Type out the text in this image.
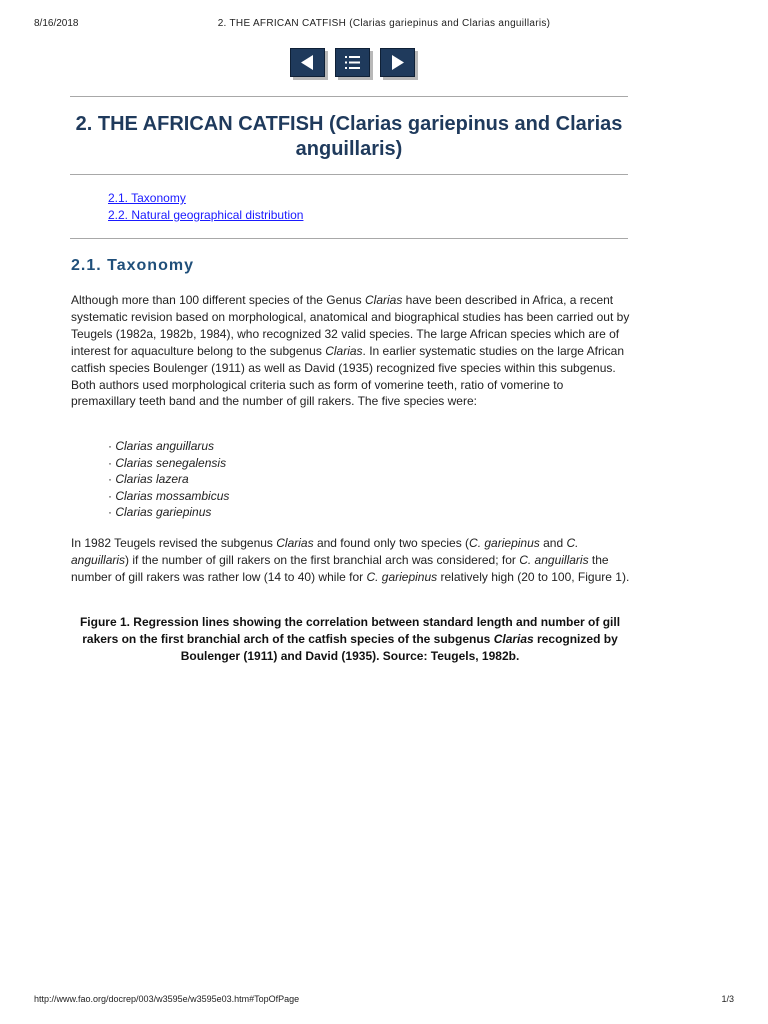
8/16/2018	2. THE AFRICAN CATFISH (Clarias gariepinus and Clarias anguillaris)
2. THE AFRICAN CATFISH (Clarias gariepinus and Clarias anguillaris)
2.1. Taxonomy
2.2. Natural geographical distribution
2.1. Taxonomy

Although more than 100 different species of the Genus Clarias have been described in Africa, a recent systematic revision based on morphological, anatomical and biographical studies has been carried out by Teugels (1982a, 1982b, 1984), who recognized 32 valid species. The large African species which are of interest for aquaculture belong to the subgenus Clarias. In earlier systematic studies on the large African catfish species Boulenger (1911) as well as David (1935) recognized five species within this subgenus. Both authors used morphological criteria such as form of vomerine teeth, ratio of vomerine to premaxillary teeth band and the number of gill rakers. The five species were:

· Clarias anguillarus
· Clarias senegalensis
· Clarias lazera
· Clarias mossambicus
· Clarias gariepinus

In 1982 Teugels revised the subgenus Clarias and found only two species (C. gariepinus and C. anguillaris) if the number of gill rakers on the first branchial arch was considered; for C. anguillaris the number of gill rakers was rather low (14 to 40) while for C. gariepinus relatively high (20 to 100, Figure 1).

Figure 1. Regression lines showing the correlation between standard length and number of gill rakers on the first branchial arch of the catfish species of the subgenus Clarias recognized by Boulenger (1911) and David (1935). Source: Teugels, 1982b.

http://www.fao.org/docrep/003/w3595e/w3595e03.htm#TopOfPage	1/3
